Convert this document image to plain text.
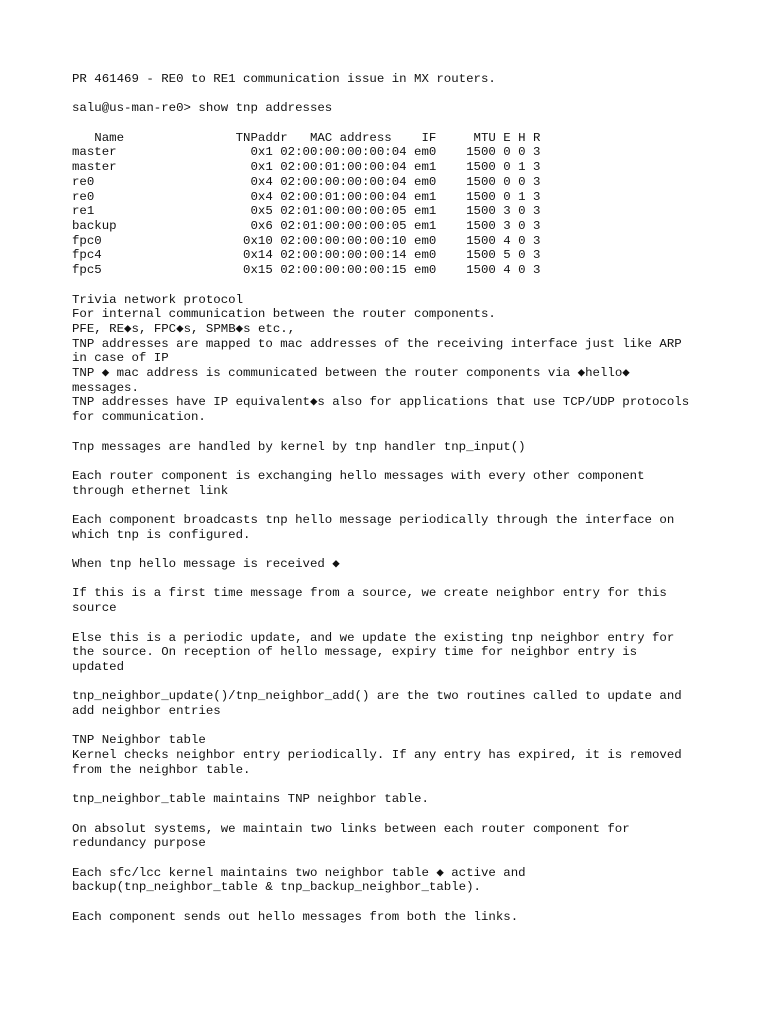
PR 461469 - RE0 to RE1 communication issue in MX routers.
salu@us-man-re0> show tnp addresses
Name               TNPaddr   MAC address    IF     MTU E H R
master                  0x1 02:00:00:00:00:04 em0    1500 0 0 3
master                  0x1 02:00:01:00:00:04 em1    1500 0 1 3
re0                     0x4 02:00:00:00:00:04 em0    1500 0 0 3
re0                     0x4 02:00:01:00:00:04 em1    1500 0 1 3
re1                     0x5 02:01:00:00:00:05 em1    1500 3 0 3
backup                  0x6 02:01:00:00:00:05 em1    1500 3 0 3
fpc0                   0x10 02:00:00:00:00:10 em0    1500 4 0 3
fpc4                   0x14 02:00:00:00:00:14 em0    1500 5 0 3
fpc5                   0x15 02:00:00:00:00:15 em0    1500 4 0 3
Trivia network protocol
For internal communication between the router components.
PFE, RE◆s, FPC◆s, SPMB◆s etc.,
TNP addresses are mapped to mac addresses of the receiving interface just like ARP
in case of IP
TNP ◆ mac address is communicated between the router components via ◆hello◆
messages.
TNP addresses have IP equivalent◆s also for applications that use TCP/UDP protocols
for communication.
Tnp messages are handled by kernel by tnp handler tnp_input()
Each router component is exchanging hello messages with every other component
through ethernet link
Each component broadcasts tnp hello message periodically through the interface on
which tnp is configured.
When tnp hello message is received ◆
If this is a first time message from a source, we create neighbor entry for this
source
Else this is a periodic update, and we update the existing tnp neighbor entry for
the source. On reception of hello message, expiry time for neighbor entry is
updated
tnp_neighbor_update()/tnp_neighbor_add() are the two routines called to update and
add neighbor entries
TNP Neighbor table
Kernel checks neighbor entry periodically. If any entry has expired, it is removed
from the neighbor table.
tnp_neighbor_table maintains TNP neighbor table.
On absolut systems, we maintain two links between each router component for
redundancy purpose
Each sfc/lcc kernel maintains two neighbor table ◆ active and
backup(tnp_neighbor_table & tnp_backup_neighbor_table).
Each component sends out hello messages from both the links.
